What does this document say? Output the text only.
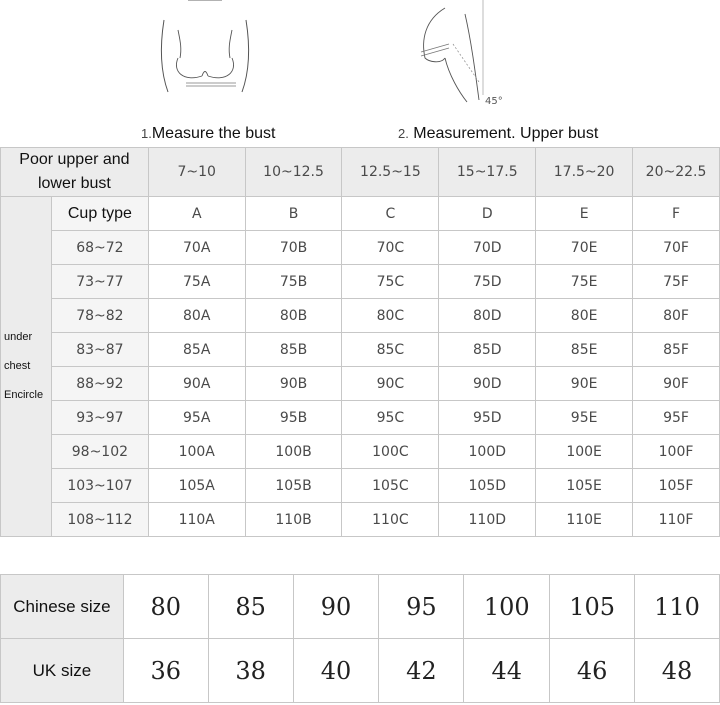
45°
1.Measure the bust	2. Measurement. Upper bust
Poor upper and
lower bust		7~10	10~12.5	12.5~15	15~17.5	17.5~20	20~22.5

under
chest
Encircle	Cup type	A	B	C	D	E	F
	68~72	70A	70B	70C	70D	70E	70F
	73~77	75A	75B	75C	75D	75E	75F
	78~82	80A	80B	80C	80D	80E	80F
	83~87	85A	85B	85C	85D	85E	85F
	88~92	90A	90B	90C	90D	90E	90F
	93~97	95A	95B	95C	95D	95E	95F
	98~102	100A	100B	100C	100D	100E	100F
	103~107	105A	105B	105C	105D	105E	105F
	108~112	110A	110B	110C	110D	110E	110F
Chinese size	80	85	90	95	100	105	110
UK size	36	38	40	42	44	46	48
